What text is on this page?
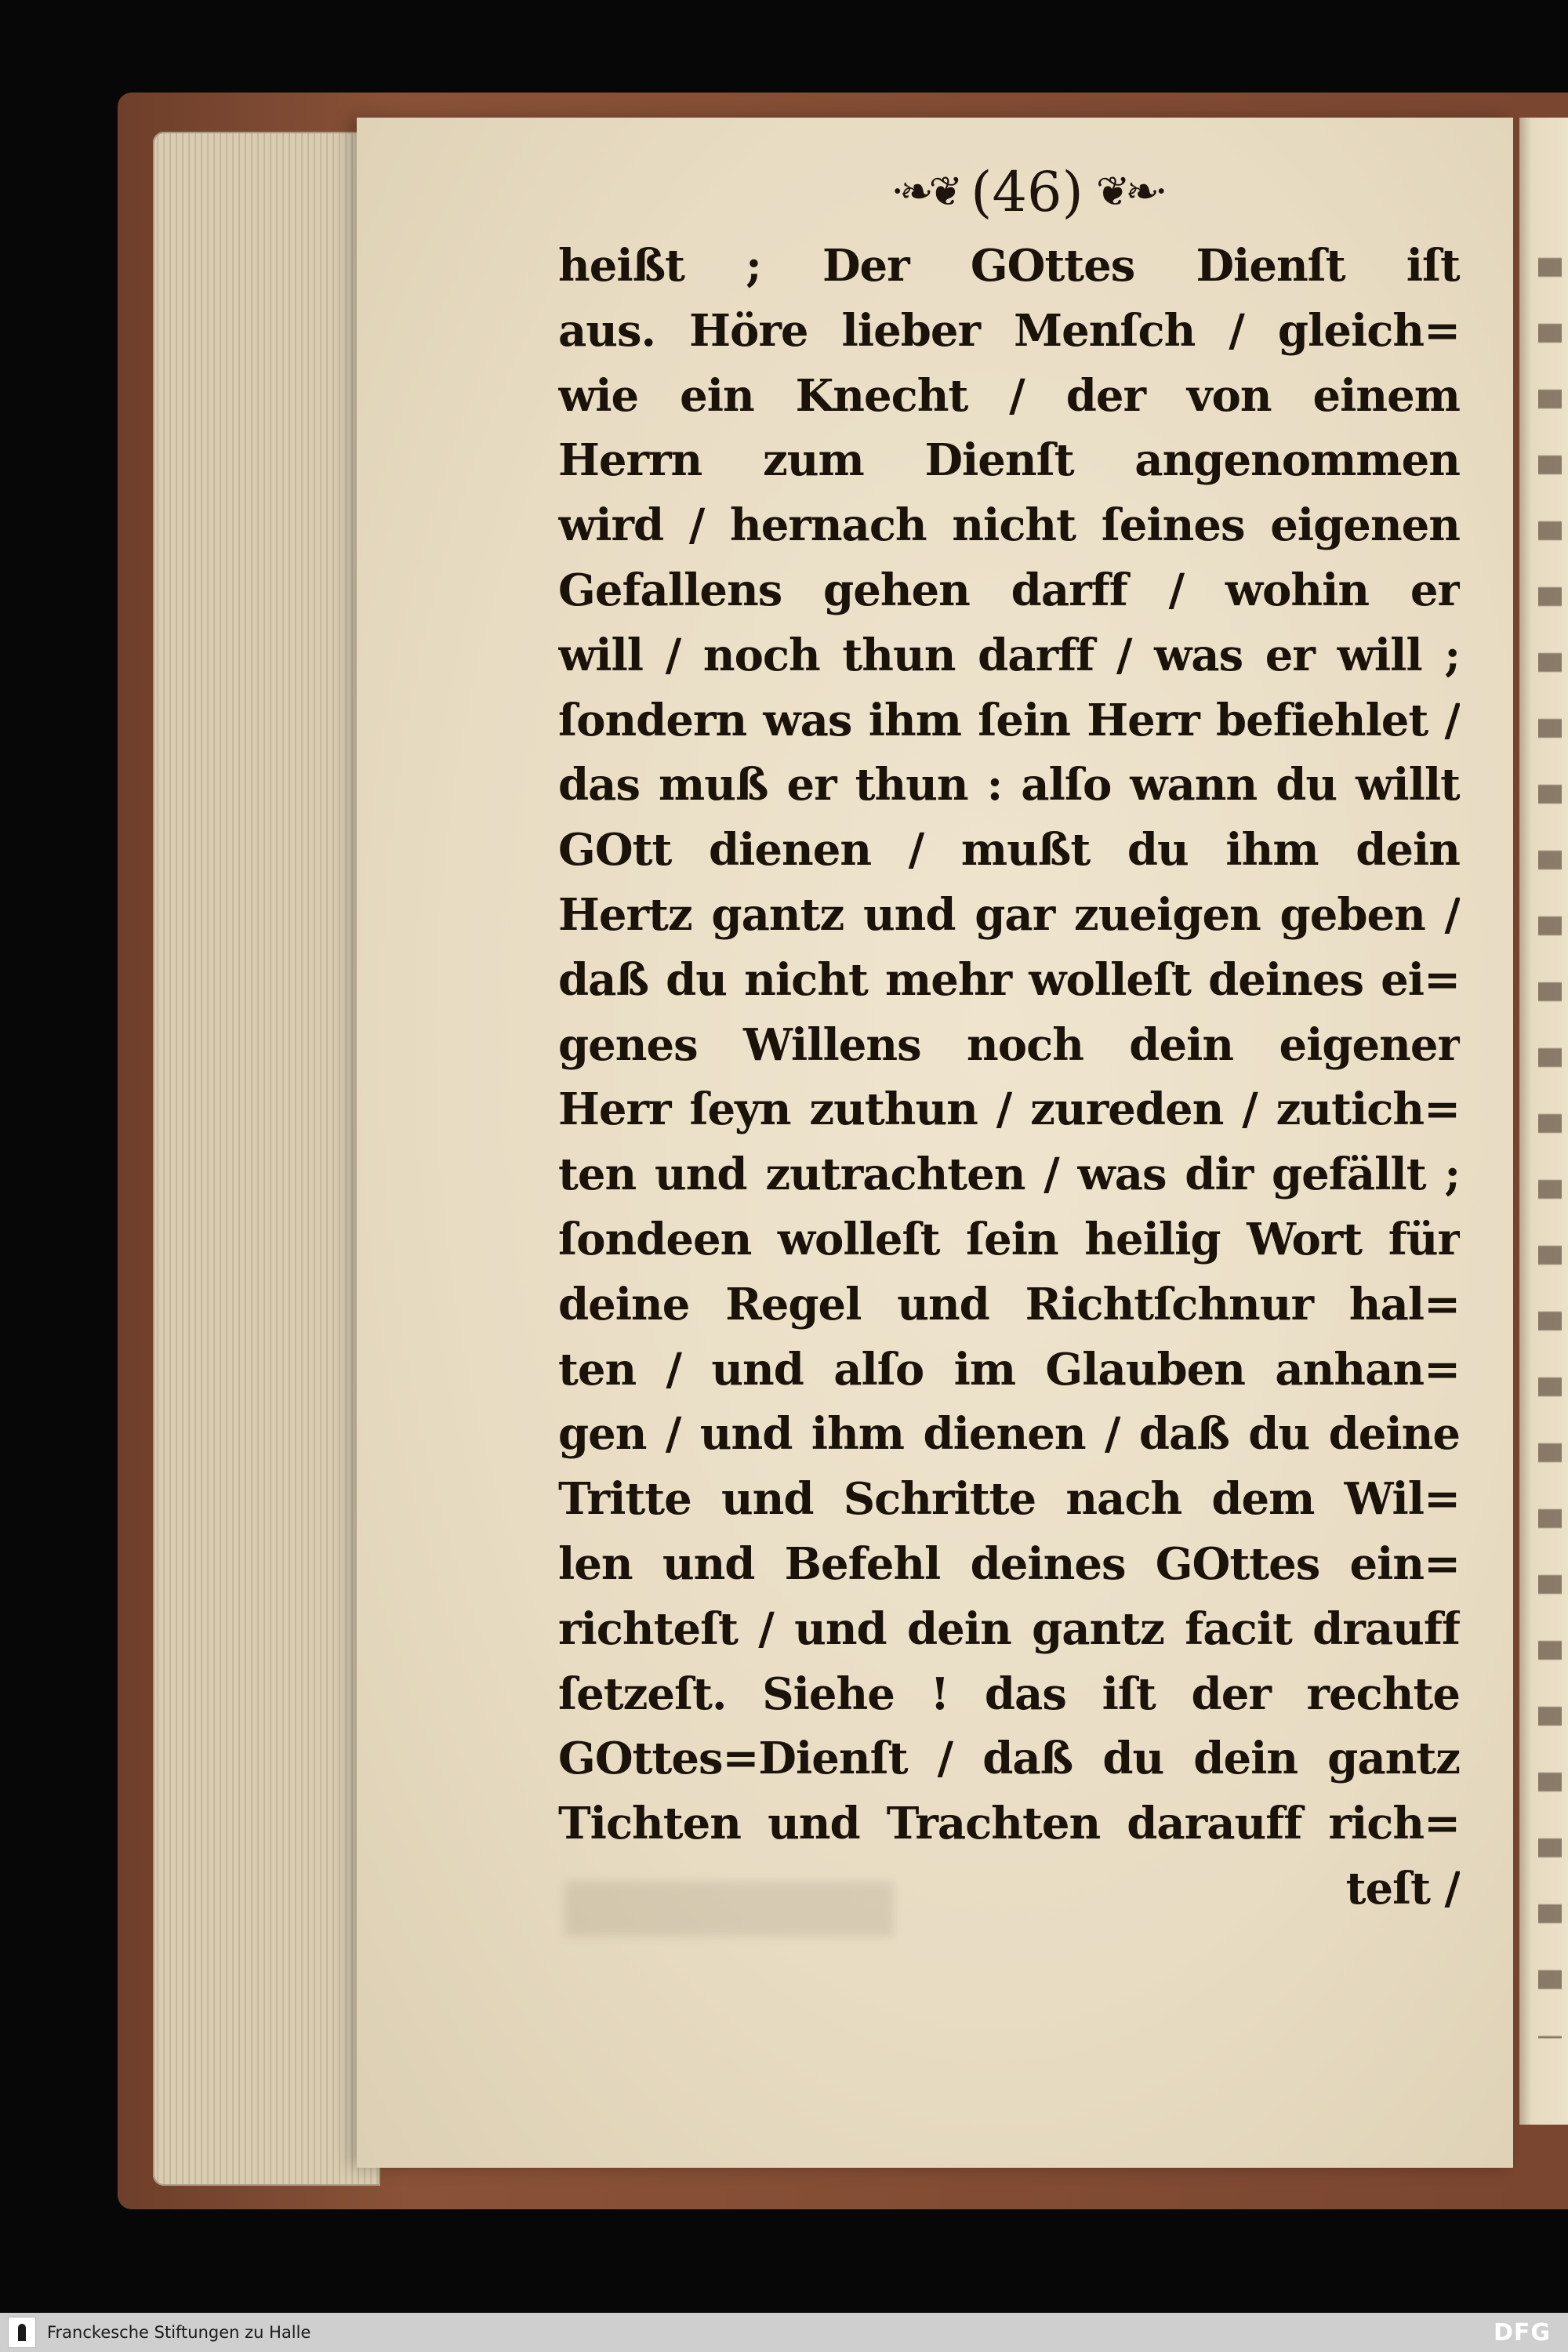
·❧❦ (46) ❦❧·
heißt ; Der GOttes Dienſt iſt
aus. Höre lieber Menſch / gleich=
wie ein Knecht / der von einem
Herrn zum Dienſt angenommen
wird / hernach nicht ſeines eigenen
Gefallens gehen darff / wohin er
will / noch thun darff / was er will ;
ſondern was ihm ſein Herr befiehlet /
das muß er thun : alſo wann du willt
GOtt dienen / mußt du ihm dein
Hertz gantz und gar zueigen geben /
daß du nicht mehr wolleſt deines ei=
genes Willens noch dein eigener
Herr ſeyn zuthun / zureden / zutich=
ten und zutrachten / was dir gefällt ;
ſondeen wolleſt ſein heilig Wort für
deine Regel und Richtſchnur hal=
ten / und alſo im Glauben anhan=
gen / und ihm dienen / daß du deine
Tritte und Schritte nach dem Wil=
len und Befehl deines GOttes ein=
richteſt / und dein gantz facit drauff
ſetzeſt. Siehe ! das iſt der rechte
GOttes=Dienſt / daß du dein gantz
Tichten und Trachten darauff rich=
teſt /
Franckesche Stiftungen zu Halle	DFG
